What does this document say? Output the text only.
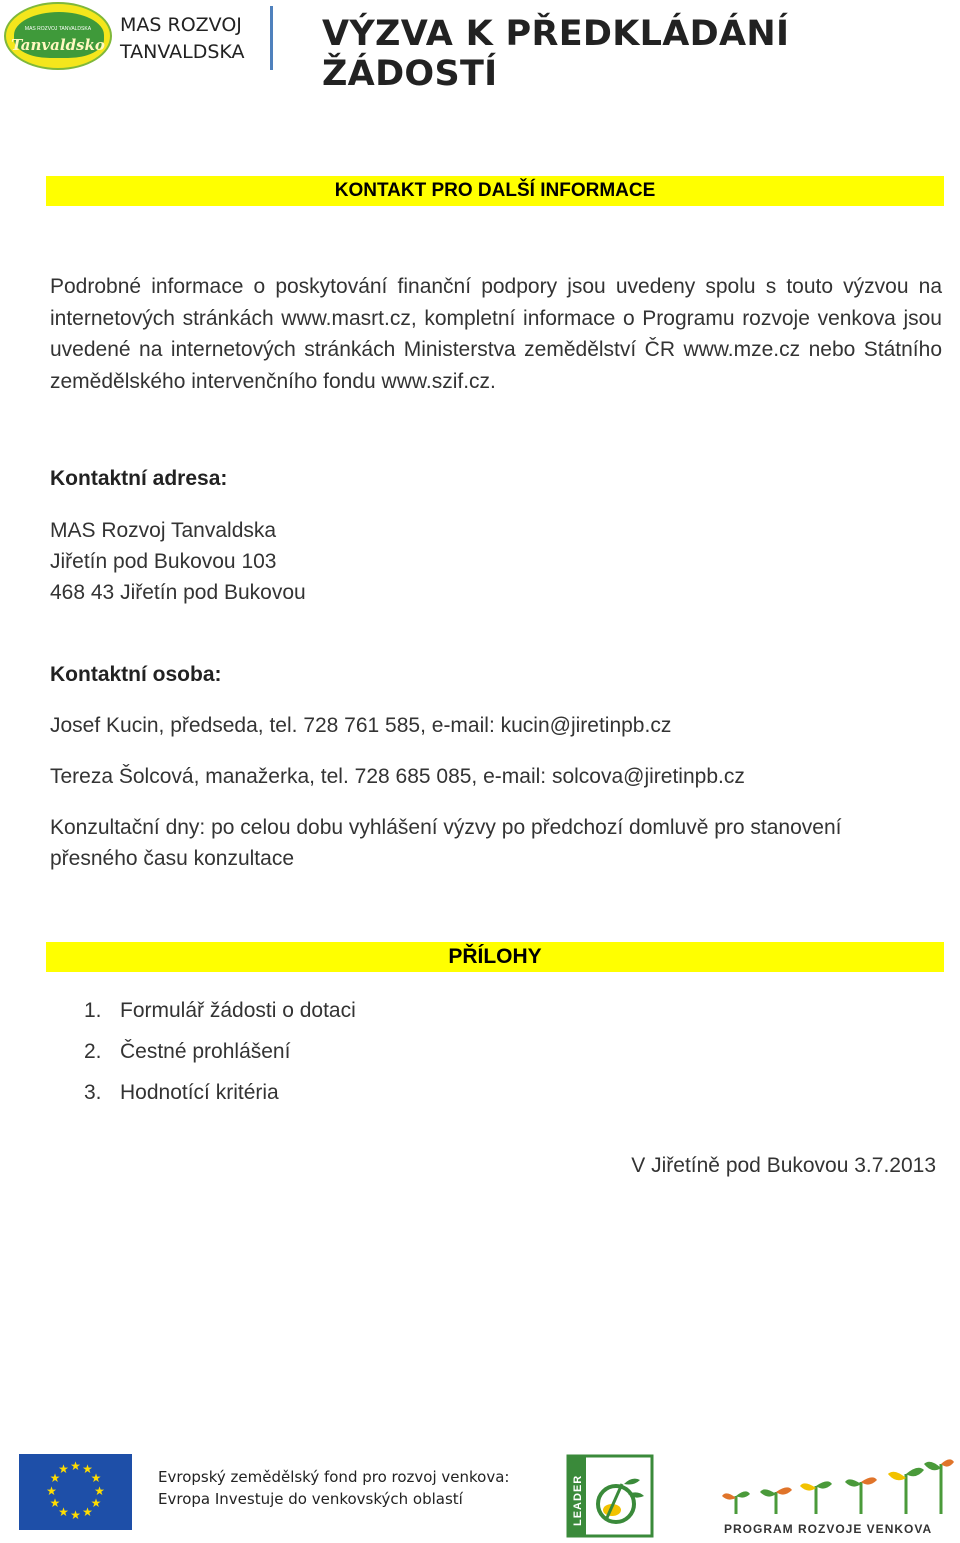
MAS ROZVOJ TANVALDSKA
Tanvaldsko
MAS ROZVOJ
TANVALDSKA	VÝZVA K PŘEDKLÁDÁNÍ ŽÁDOSTÍ
KONTAKT PRO DALŠÍ INFORMACE
Podrobné informace o poskytování finanční podpory jsou uvedeny spolu s touto výzvou na internetových stránkách www.masrt.cz, kompletní informace o Programu rozvoje venkova jsou uvedené na internetových stránkách Ministerstva zemědělství ČR www.mze.cz nebo Státního zemědělského intervenčního fondu www.szif.cz.
Kontaktní adresa:
MAS Rozvoj Tanvaldska
Jiřetín pod Bukovou 103
468 43 Jiřetín pod Bukovou
Kontaktní osoba:
Josef Kucin, předseda, tel. 728 761 585, e-mail: kucin@jiretinpb.cz
Tereza Šolcová, manažerka, tel. 728 685 085, e-mail: solcova@jiretinpb.cz
Konzultační dny: po celou dobu vyhlášení výzvy po předchozí domluvě pro stanovení
přesného času konzultace
PŘÍLOHY
1. Formulář žádosti o dotaci
2. Čestné prohlášení
3. Hodnotící kritéria
V Jiřetíně pod Bukovou 3.7.2013
★ ★
★
★
★
★
★
★
★
★
★
★	Evropský zemědělský fond pro rozvoj venkova:
Evropa Investuje do venkovských oblastí	LEADER
PROGRAM ROZVOJE VENKOVA
